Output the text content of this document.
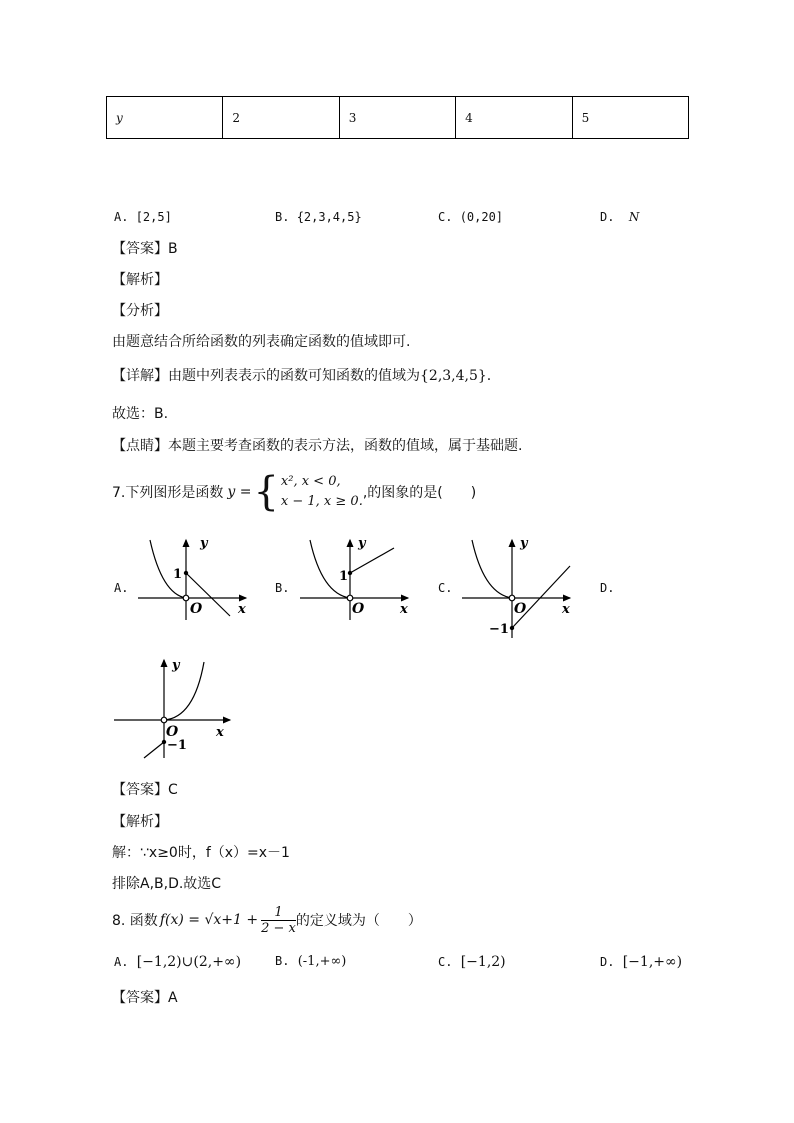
y	2	3	4	5
A. [2,5]	B. {2,3,4,5}	C. (0,20]	D. N
【答案】B
【解析】
【分析】
由题意结合所给函数的列表确定函数的值域即可.
【详解】由题中列表表示的函数可知函数的值域为{2,3,4,5}.
故选：B.
【点睛】本题主要考查函数的表示方法，函数的值域，属于基础题.
7.下列图形是函数 y = { x², x < 0,
x − 1, x ≥ 0.
,的图象的是(　　)
A.	B.	C.	D.
y
x
O
1
y
x
O
1
y
x
O
−1
y
x
O
−1
【答案】C
【解析】
解：∵x≥0时，f（x）=x－1
排除A,B,D.故选C
8. 函数 $f(x) = √x+1 + \frac{1}{2 - x}$ 的定义域为（　　）
A. [−1,2)∪(2,+∞)	B. (-1,+∞)	C. [−1,2)	D. [−1,+∞)
【答案】A
